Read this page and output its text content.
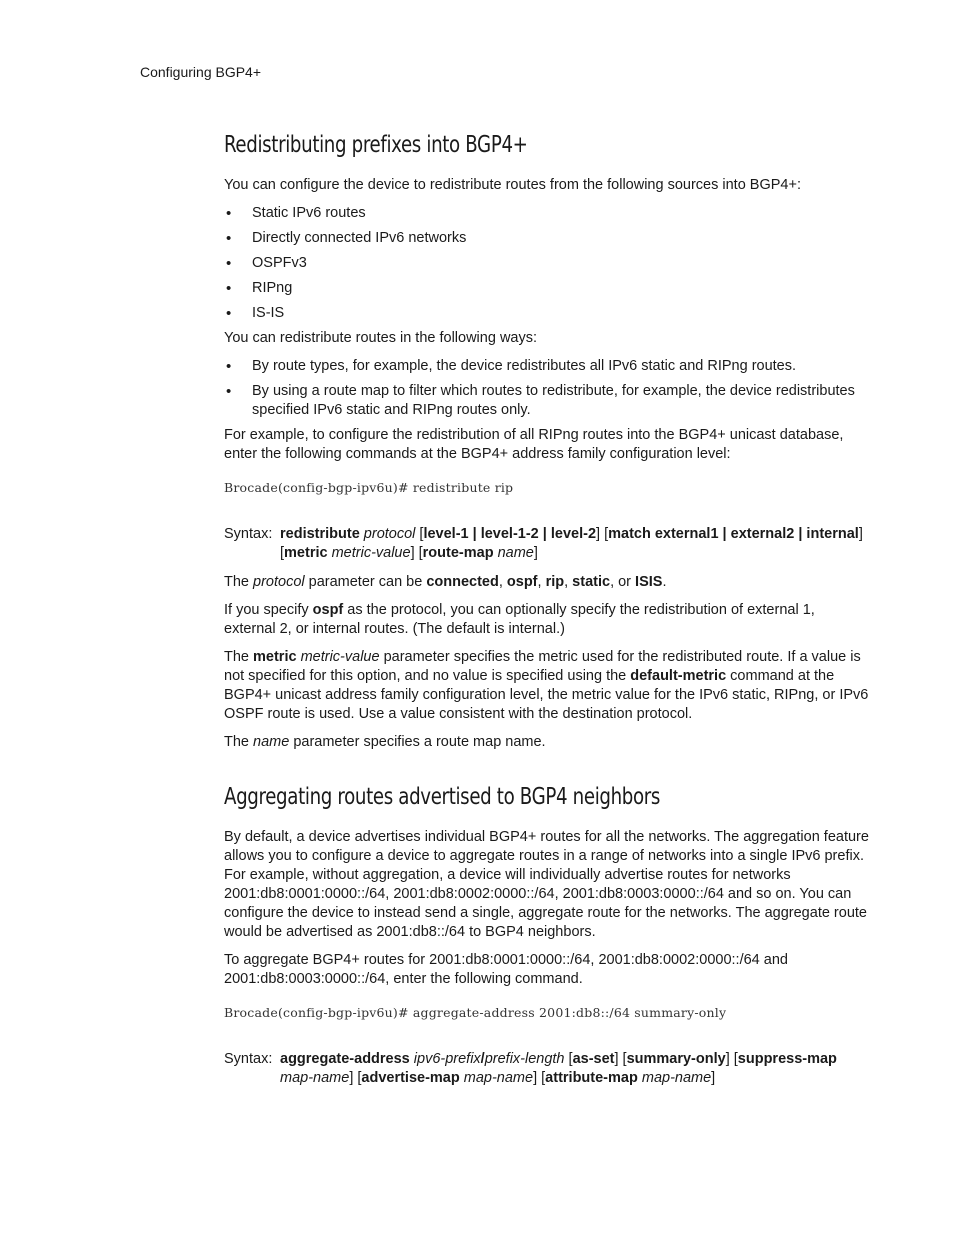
Configuring BGP4+
Redistributing prefixes into BGP4+

You can configure the device to redistribute routes from the following sources into BGP4+:

• Static IPv6 routes
• Directly connected IPv6 networks
• OSPFv3
• RIPng
• IS-IS

You can redistribute routes in the following ways:

• By route types, for example, the device redistributes all IPv6 static and RIPng routes.
• By using a route map to filter which routes to redistribute, for example, the device redistributes specified IPv6 static and RIPng routes only.

For example, to configure the redistribution of all RIPng routes into the BGP4+ unicast database, enter the following commands at the BGP4+ address family configuration level:

Brocade(config-bgp-ipv6u)# redistribute rip
Syntax: redistribute protocol [level-1 | level-1-2 | level-2] [match external1 | external2 | internal] [metric metric-value] [route-map name]

The protocol parameter can be connected, ospf, rip, static, or ISIS.

If you specify ospf as the protocol, you can optionally specify the redistribution of external 1, external 2, or internal routes. (The default is internal.)

The metric metric-value parameter specifies the metric used for the redistributed route. If a value is not specified for this option, and no value is specified using the default-metric command at the BGP4+ unicast address family configuration level, the metric value for the IPv6 static, RIPng, or IPv6 OSPF route is used. Use a value consistent with the destination protocol.

The name parameter specifies a route map name.

Aggregating routes advertised to BGP4 neighbors

By default, a device advertises individual BGP4+ routes for all the networks. The aggregation feature allows you to configure a device to aggregate routes in a range of networks into a single IPv6 prefix. For example, without aggregation, a device will individually advertise routes for networks 2001:db8:0001:0000::/64, 2001:db8:0002:0000::/64, 2001:db8:0003:0000::/64 and so on. You can configure the device to instead send a single, aggregate route for the networks. The aggregate route would be advertised as 2001:db8::/64 to BGP4 neighbors.

To aggregate BGP4+ routes for 2001:db8:0001:0000::/64, 2001:db8:0002:0000::/64 and 2001:db8:0003:0000::/64, enter the following command.

Brocade(config-bgp-ipv6u)# aggregate-address 2001:db8::/64 summary-only
Syntax: aggregate-address ipv6-prefix/prefix-length [as-set] [summary-only] [suppress-map map-name] [advertise-map map-name] [attribute-map map-name]
